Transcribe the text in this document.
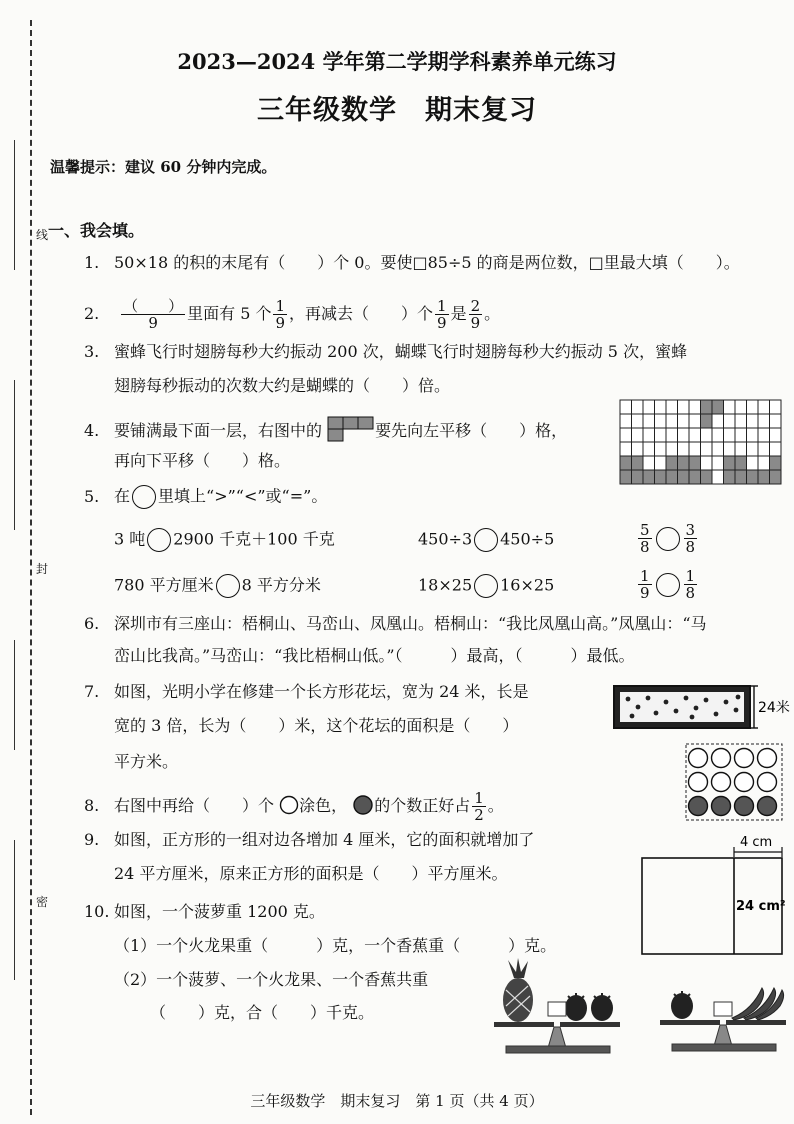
线
封
密
2023—2024 学年第二学期学科素养单元练习
三年级数学　期末复习
温馨提示：建议 60 分钟内完成。
一、我会填。
1. 50×18 的积的末尾有（　　）个 0。要使□85÷5 的商是两位数，□里最大填（　　）。
2. $\frac{( )}{9}$ 里面有 5 个 $\frac{1}{9}$ ，再减去（　　）个 $\frac{1}{9}$ 是 $\frac{2}{9}$ 。
3. 蜜蜂飞行时翅膀每秒大约振动 200 次，蝴蝶飞行时翅膀每秒大约振动 5 次，蜜蜂
翅膀每秒振动的次数大约是蝴蝶的（　　）倍。
4. 要铺满最下面一层，右图中的	要先向左平移（　　）格，
再向下平移（　　）格。
5. 在 里填上“>”“<”或“=”。
3 吨 2900 千克＋100 千克	450÷3 450÷5	$\frac{5}{8} \frac{3}{8}$
780 平方厘米 8 平方分米	18×25 16×25	$\frac{1}{9} \frac{1}{8}$
6. 深圳市有三座山：梧桐山、马峦山、凤凰山。梧桐山：“我比凤凰山高。”凤凰山：“马
峦山比我高。”马峦山：“我比梧桐山低。”（　　　）最高，（　　　）最低。
7. 如图，光明小学在修建一个长方形花坛，宽为 24 米，长是
宽的 3 倍，长为（　　）米，这个花坛的面积是（　　）
平方米。
24米
8. 右图中再给（　　）个 涂色， 的个数正好占 $\frac{1}{2}$ 。
9. 如图，正方形的一组对边各增加 4 厘米，它的面积就增加了
24 平方厘米，原来正方形的面积是（　　）平方厘米。
4 cm
24 cm²
10. 如图，一个菠萝重 1200 克。
（1）一个火龙果重（　　　）克，一个香蕉重（　　　）克。
（2）一个菠萝、一个火龙果、一个香蕉共重
（　　）克，合（　　）千克。
三年级数学　期末复习　第 1 页（共 4 页）
